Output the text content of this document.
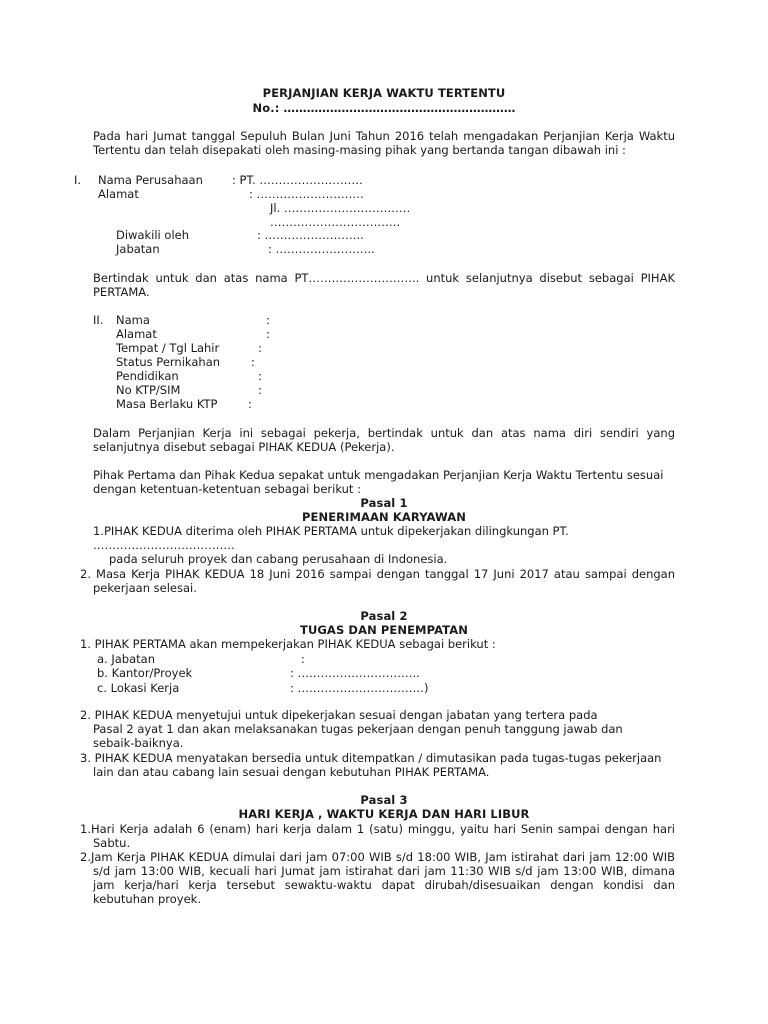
PERJANJIAN KERJA WAKTU TERTENTU
No.: ……………………………………………………
Pada hari Jumat tanggal Sepuluh Bulan Juni Tahun 2016 telah mengadakan Perjanjian Kerja Waktu
Tertentu dan telah disepakati oleh masing-masing pihak yang bertanda tangan dibawah ini :
I. Nama Perusahaan	: PT. ………………………
Alamat	: ……………………….
Jl. ……………………………
…………………………….
Diwakili oleh	: ……………………..
Jabatan	: ……………………..
Bertindak untuk dan atas nama PT……………………….. untuk selanjutnya disebut sebagai PIHAK
PERTAMA.
II. Nama	:
Alamat	:
Tempat / Tgl Lahir	:
Status Pernikahan	:
Pendidikan	:
No KTP/SIM	:
Masa Berlaku KTP	:
Dalam Perjanjian Kerja ini sebagai pekerja, bertindak untuk dan atas nama diri sendiri yang
selanjutnya disebut sebagai PIHAK KEDUA (Pekerja).
Pihak Pertama dan Pihak Kedua sepakat untuk mengadakan Perjanjian Kerja Waktu Tertentu sesuai
dengan ketentuan-ketentuan sebagai berikut :
Pasal 1
PENERIMAAN KARYAWAN
1.PIHAK KEDUA diterima oleh PIHAK PERTAMA untuk dipekerjakan dilingkungan PT.
……………………………….
pada seluruh proyek dan cabang perusahaan di Indonesia.
2. Masa Kerja PIHAK KEDUA 18 Juni 2016 sampai dengan tanggal 17 Juni 2017 atau sampai dengan
pekerjaan selesai.
Pasal 2
TUGAS DAN PENEMPATAN
1. PIHAK PERTAMA akan mempekerjakan PIHAK KEDUA sebagai berikut :
a. Jabatan	:
b. Kantor/Proyek	: …………………………..
c. Lokasi Kerja	: ……………………………)
2. PIHAK KEDUA menyetujui untuk dipekerjakan sesuai dengan jabatan yang tertera pada
Pasal 2 ayat 1 dan akan melaksanakan tugas pekerjaan dengan penuh tanggung jawab dan
sebaik-baiknya.
3. PIHAK KEDUA menyatakan bersedia untuk ditempatkan / dimutasikan pada tugas-tugas pekerjaan
lain dan atau cabang lain sesuai dengan kebutuhan PIHAK PERTAMA.
Pasal 3
HARI KERJA , WAKTU KERJA DAN HARI LIBUR
1.Hari Kerja adalah 6 (enam) hari kerja dalam 1 (satu) minggu, yaitu hari Senin sampai dengan hari
Sabtu.
2.Jam Kerja PIHAK KEDUA dimulai dari jam 07:00 WIB s/d 18:00 WIB, Jam istirahat dari jam 12:00 WIB
s/d jam 13:00 WIB, kecuali hari Jumat jam istirahat dari jam 11:30 WIB s/d jam 13:00 WIB, dimana
jam kerja/hari kerja tersebut sewaktu-waktu dapat dirubah/disesuaikan dengan kondisi dan
kebutuhan proyek.
